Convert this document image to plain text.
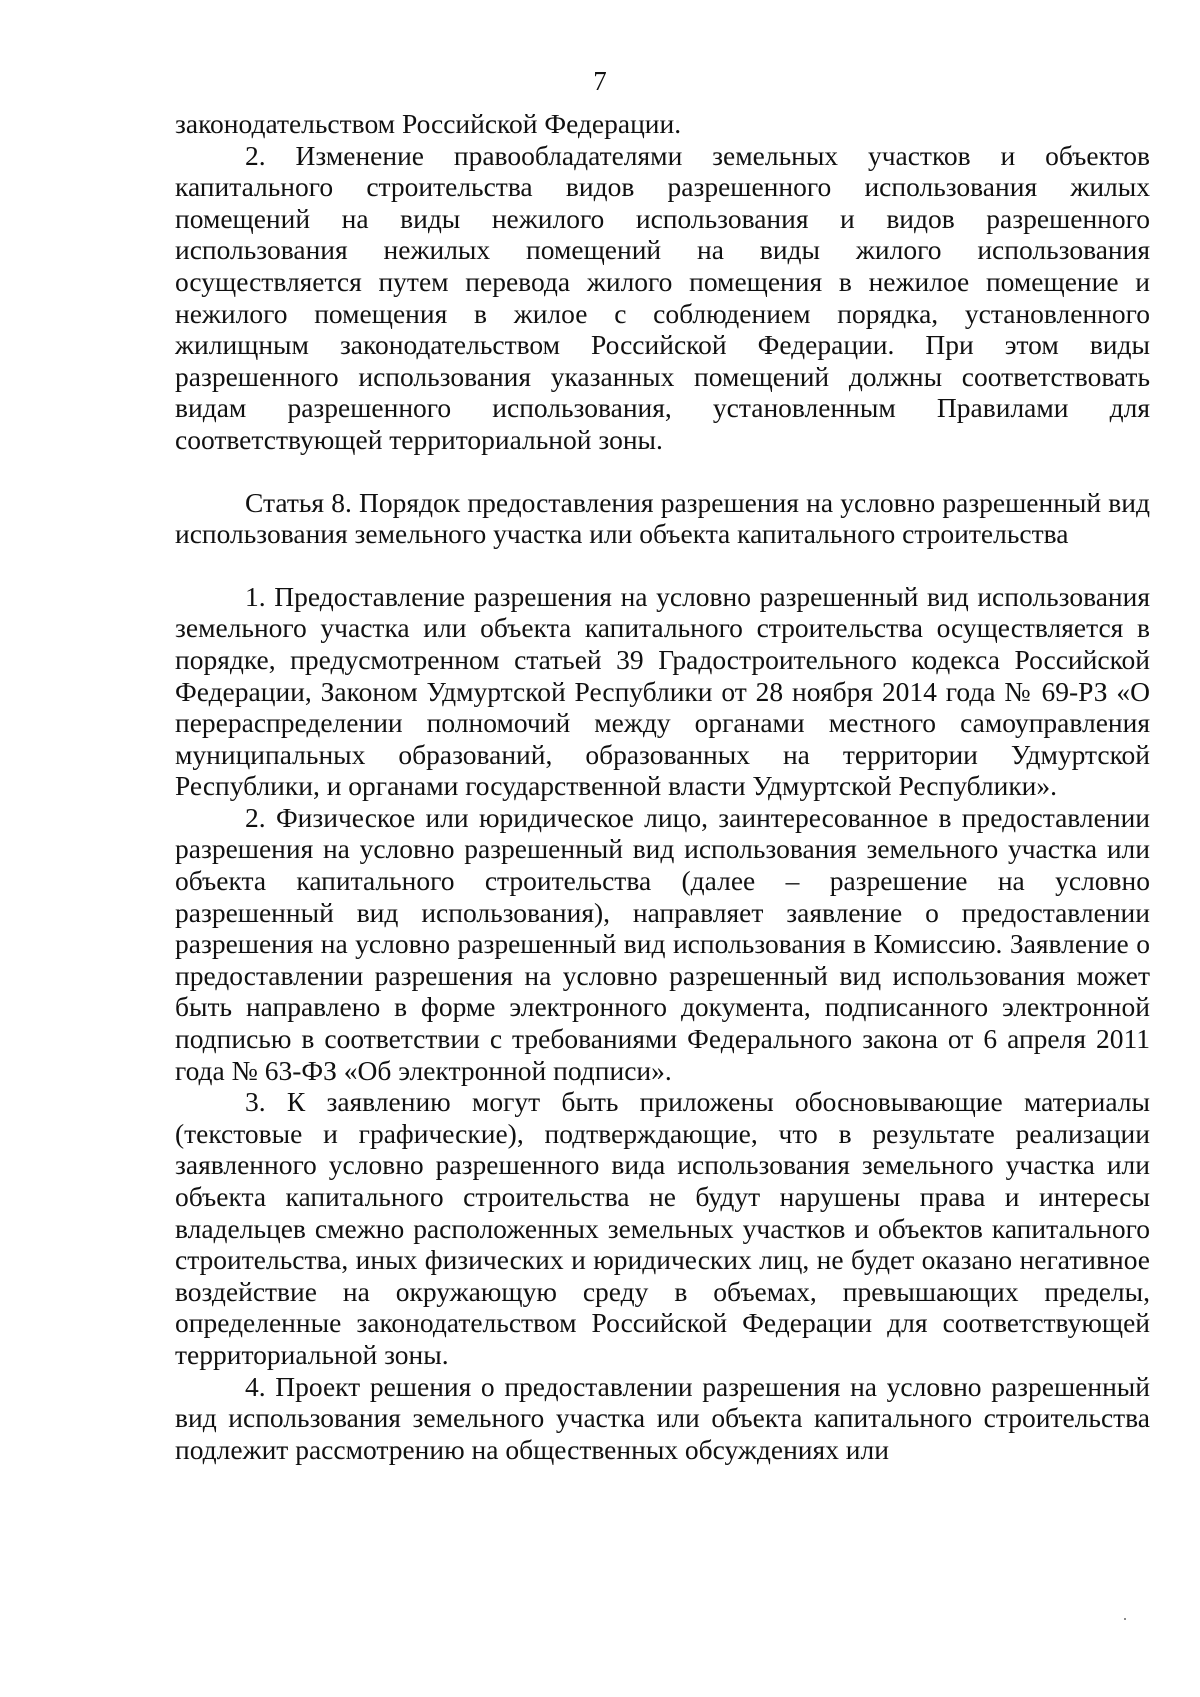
7

законодательством Российской Федерации.

2. Изменение правообладателями земельных участков и объектов капитального строительства видов разрешенного использования жилых помещений на виды нежилого использования и видов разрешенного использования нежилых помещений на виды жилого использования осуществляется путем перевода жилого помещения в нежилое помещение и нежилого помещения в жилое с соблюдением порядка, установленного жилищным законодательством Российской Федерации. При этом виды разрешенного использования указанных помещений должны соответствовать видам разрешенного использования, установленным Правилами для соответствующей территориальной зоны.

Статья 8. Порядок предоставления разрешения на условно разрешенный вид использования земельного участка или объекта капитального строительства

1. Предоставление разрешения на условно разрешенный вид использования земельного участка или объекта капитального строительства осуществляется в порядке, предусмотренном статьей 39 Градостроительного кодекса Российской Федерации, Законом Удмуртской Республики от 28 ноября 2014 года № 69-РЗ «О перераспределении полномочий между органами местного самоуправления муниципальных образований, образованных на территории Удмуртской Республики, и органами государственной власти Удмуртской Республики».

2. Физическое или юридическое лицо, заинтересованное в предоставлении разрешения на условно разрешенный вид использования земельного участка или объекта капитального строительства (далее – разрешение на условно разрешенный вид использования), направляет заявление о предоставлении разрешения на условно разрешенный вид использования в Комиссию. Заявление о предоставлении разрешения на условно разрешенный вид использования может быть направлено в форме электронного документа, подписанного электронной подписью в соответствии с требованиями Федерального закона от 6 апреля 2011 года № 63-ФЗ «Об электронной подписи».

3. К заявлению могут быть приложены обосновывающие материалы (текстовые и графические), подтверждающие, что в результате реализации заявленного условно разрешенного вида использования земельного участка или объекта капитального строительства не будут нарушены права и интересы владельцев смежно расположенных земельных участков и объектов капитального строительства, иных физических и юридических лиц, не будет оказано негативное воздействие на окружающую среду в объемах, превышающих пределы, определенные законодательством Российской Федерации для соответствующей территориальной зоны.

4. Проект решения о предоставлении разрешения на условно разрешенный вид использования земельного участка или объекта капитального строительства подлежит рассмотрению на общественных обсуждениях или
